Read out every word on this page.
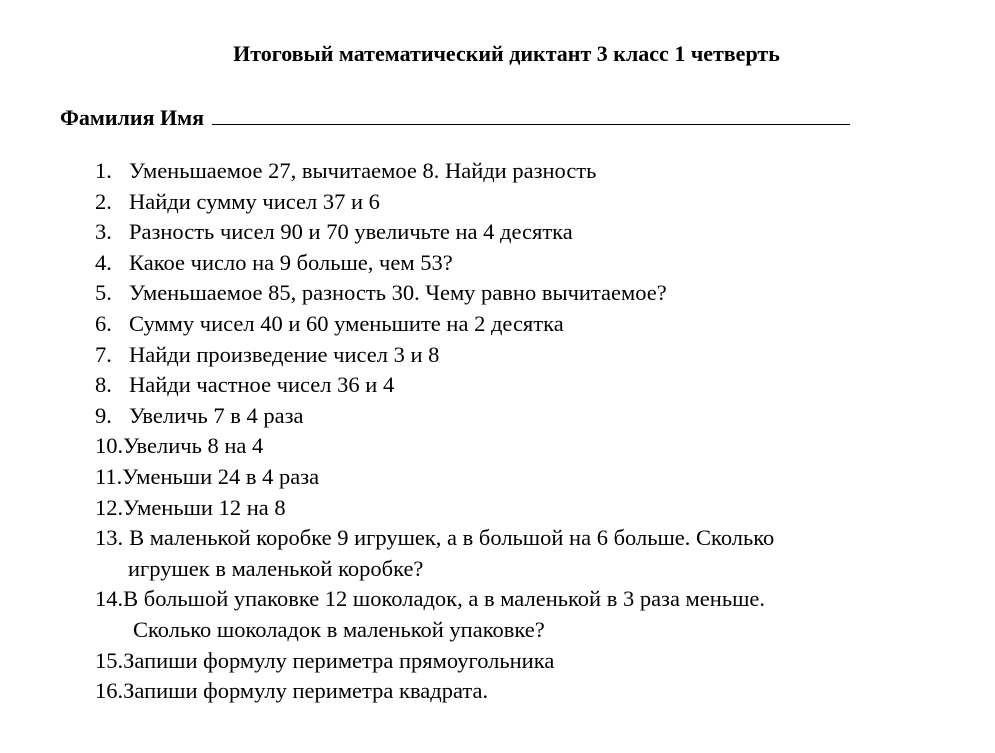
Итоговый математический диктант 3 класс 1 четверть
Фамилия Имя
1. Уменьшаемое 27, вычитаемое 8. Найди разность
2. Найди сумму чисел 37 и 6
3. Разность чисел 90 и 70 увеличьте на 4 десятка
4. Какое число на 9 больше, чем 53?
5. Уменьшаемое 85, разность 30. Чему равно вычитаемое?
6. Сумму чисел 40 и 60 уменьшите на 2 десятка
7. Найди произведение чисел 3 и 8
8. Найди частное чисел 36 и 4
9. Увеличь 7 в 4 раза
10. Увеличь 8 на 4
11. Уменьши 24 в 4 раза
12. Уменьши 12 на 8
13. В маленькой коробке 9 игрушек, а в большой на 6 больше. Сколько
игрушек в маленькой коробке?
14. В большой упаковке 12 шоколадок, а в маленькой в 3 раза меньше.
Сколько шоколадок в маленькой упаковке?
15. Запиши формулу периметра прямоугольника
16. Запиши формулу периметра квадрата.
